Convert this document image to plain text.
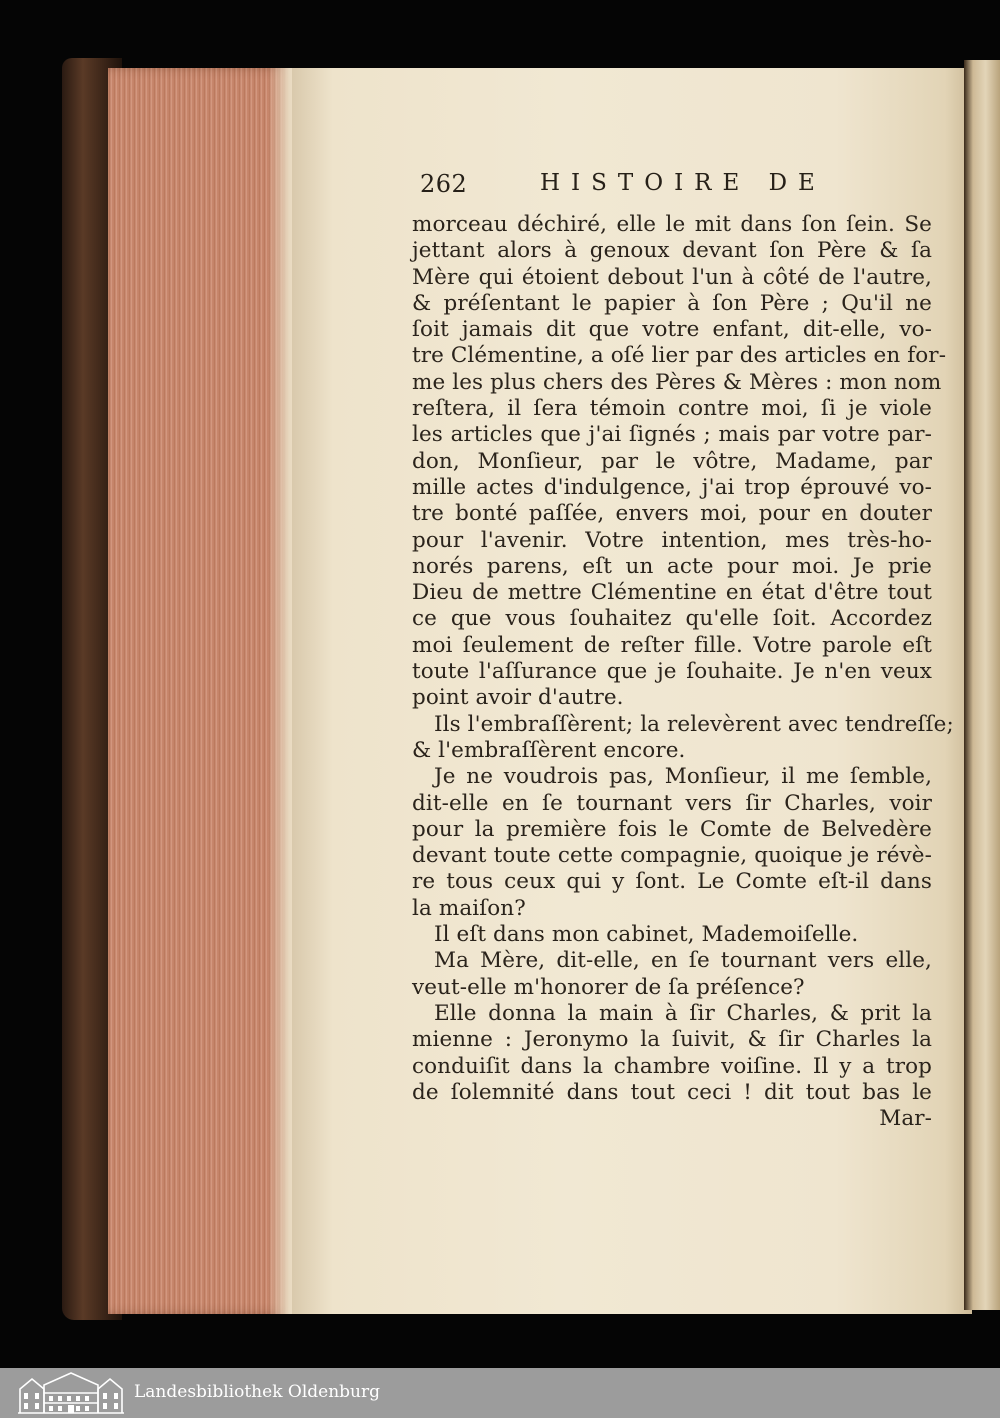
262	HISTOIRE DE
morceau déchiré, elle le mit dans ſon ſein. Se
jettant alors à genoux devant ſon Père & ſa
Mère qui étoient debout l'un à côté de l'autre,
& préſentant le papier à ſon Père ; Qu'il ne
ſoit jamais dit que votre enfant, dit-elle, vo-
tre Clémentine, a oſé lier par des articles en for-
me les plus chers des Pères & Mères : mon nom
reſtera, il ſera témoin contre moi, ſi je viole
les articles que j'ai ſignés ; mais par votre par-
don, Monſieur, par le vôtre, Madame, par
mille actes d'indulgence, j'ai trop éprouvé vo-
tre bonté paſſée, envers moi, pour en douter
pour l'avenir. Votre intention, mes très-ho-
norés parens, eſt un acte pour moi. Je prie
Dieu de mettre Clémentine en état d'être tout
ce que vous ſouhaitez qu'elle ſoit. Accordez
moi ſeulement de reſter fille. Votre parole eſt
toute l'aſſurance que je ſouhaite. Je n'en veux
point avoir d'autre.
Ils l'embraſſèrent; la relevèrent avec tendreſſe;
& l'embraſſèrent encore.
Je ne voudrois pas, Monſieur, il me ſemble,
dit-elle en ſe tournant vers ſir Charles, voir
pour la première fois le Comte de Belvedère
devant toute cette compagnie, quoique je révè-
re tous ceux qui y ſont. Le Comte eſt-il dans
la maiſon?
Il eſt dans mon cabinet, Mademoiſelle.
Ma Mère, dit-elle, en ſe tournant vers elle,
veut-elle m'honorer de ſa préſence?
Elle donna la main à ſir Charles, & prit la
mienne : Jeronymo la ſuivit, & ſir Charles la
conduiſit dans la chambre voiſine. Il y a trop
de ſolemnité dans tout ceci ! dit tout bas le
Mar-
Landesbibliothek Oldenburg
